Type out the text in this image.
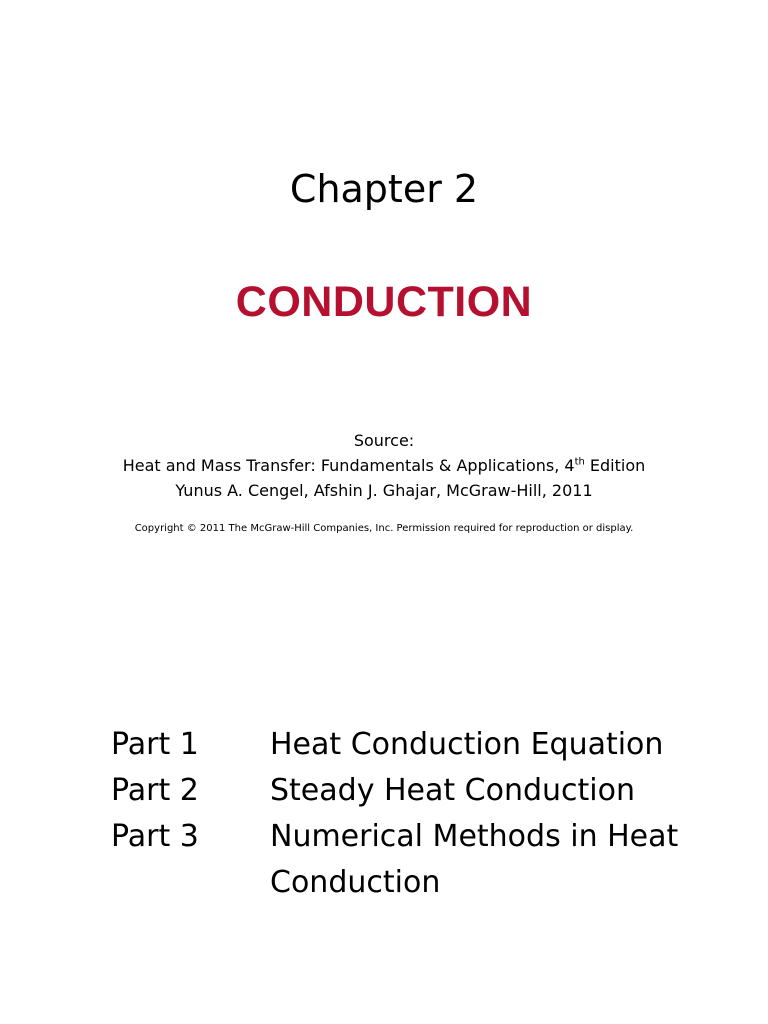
Chapter 2
CONDUCTION
Source:
Heat and Mass Transfer: Fundamentals & Applications, 4th Edition
Yunus A. Cengel, Afshin J. Ghajar, McGraw-Hill, 2011
Copyright © 2011 The McGraw-Hill Companies, Inc. Permission required for reproduction or display.
Part 1	Heat Conduction Equation
Part 2	Steady Heat Conduction
Part 3	Numerical Methods in Heat Conduction
